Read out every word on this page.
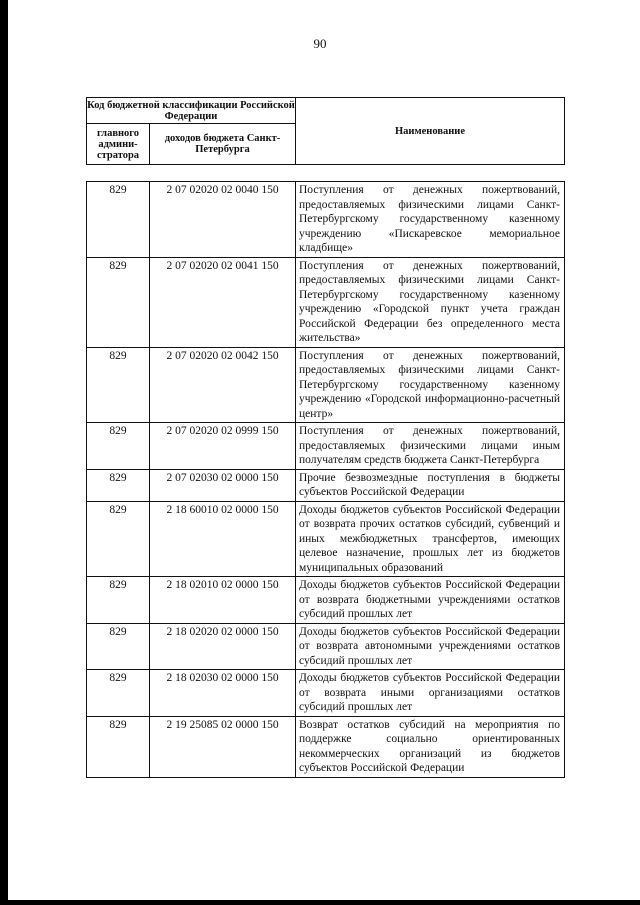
90
Код бюджетной классификации Российской Федерации		Наименование
главного админи-стратора	доходов бюджета Санкт-Петербурга	
829	2 07 02020 02 0040 150	Поступления от денежных пожертвований, предоставляемых физическими лицами Санкт-Петербургскому государственному казенному учреждению «Пискаревское мемориальное кладбище»
829	2 07 02020 02 0041 150	Поступления от денежных пожертвований, предоставляемых физическими лицами Санкт-Петербургскому государственному казенному учреждению «Городской пункт учета граждан Российской Федерации без определенного места жительства»
829	2 07 02020 02 0042 150	Поступления от денежных пожертвований, предоставляемых физическими лицами Санкт-Петербургскому государственному казенному учреждению «Городской информационно-расчетный центр»
829	2 07 02020 02 0999 150	Поступления от денежных пожертвований, предоставляемых физическими лицами иным получателям средств бюджета Санкт-Петербурга
829	2 07 02030 02 0000 150	Прочие безвозмездные поступления в бюджеты субъектов Российской Федерации
829	2 18 60010 02 0000 150	Доходы бюджетов субъектов Российской Федерации от возврата прочих остатков субсидий, субвенций и иных межбюджетных трансфертов, имеющих целевое назначение, прошлых лет из бюджетов муниципальных образований
829	2 18 02010 02 0000 150	Доходы бюджетов субъектов Российской Федерации от возврата бюджетными учреждениями остатков субсидий прошлых лет
829	2 18 02020 02 0000 150	Доходы бюджетов субъектов Российской Федерации от возврата автономными учреждениями остатков субсидий прошлых лет
829	2 18 02030 02 0000 150	Доходы бюджетов субъектов Российской Федерации от возврата иными организациями остатков субсидий прошлых лет
829	2 19 25085 02 0000 150	Возврат остатков субсидий на мероприятия по поддержке социально ориентированных некоммерческих организаций из бюджетов субъектов Российской Федерации
